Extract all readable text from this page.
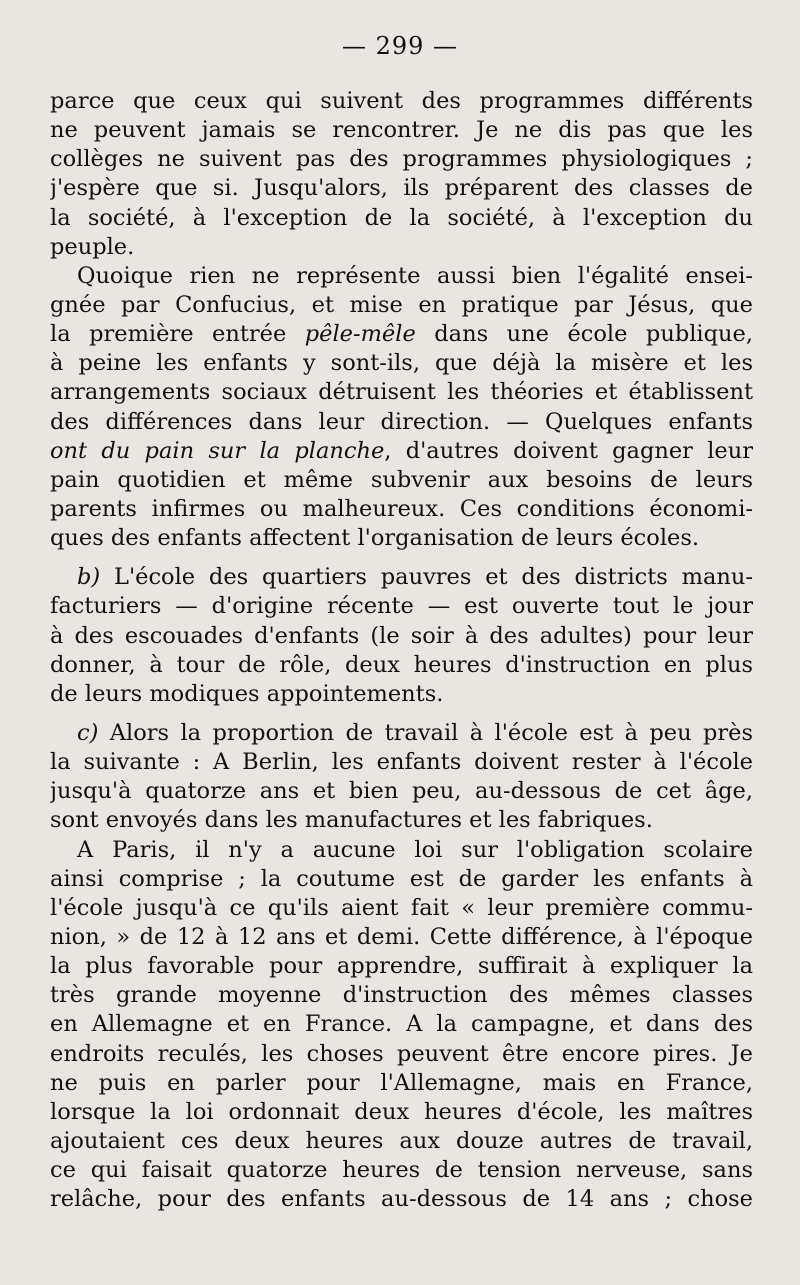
— 299 —
parce que ceux qui suivent des programmes différents
ne peuvent jamais se rencontrer. Je ne dis pas que les
collèges ne suivent pas des programmes physiologiques ;
j'espère que si. Jusqu'alors, ils préparent des classes de
la société, à l'exception de la société, à l'exception du
peuple.
Quoique rien ne représente aussi bien l'égalité ensei-
gnée par Confucius, et mise en pratique par Jésus, que
la première entrée pêle-mêle dans une école publique,
à peine les enfants y sont-ils, que déjà la misère et les
arrangements sociaux détruisent les théories et établissent
des différences dans leur direction. — Quelques enfants
ont du pain sur la planche, d'autres doivent gagner leur
pain quotidien et même subvenir aux besoins de leurs
parents infirmes ou malheureux. Ces conditions économi-
ques des enfants affectent l'organisation de leurs écoles.
b) L'école des quartiers pauvres et des districts manu-
facturiers — d'origine récente — est ouverte tout le jour
à des escouades d'enfants (le soir à des adultes) pour leur
donner, à tour de rôle, deux heures d'instruction en plus
de leurs modiques appointements.
c) Alors la proportion de travail à l'école est à peu près
la suivante : A Berlin, les enfants doivent rester à l'école
jusqu'à quatorze ans et bien peu, au-dessous de cet âge,
sont envoyés dans les manufactures et les fabriques.
A Paris, il n'y a aucune loi sur l'obligation scolaire
ainsi comprise ; la coutume est de garder les enfants à
l'école jusqu'à ce qu'ils aient fait « leur première commu-
nion, » de 12 à 12 ans et demi. Cette différence, à l'époque
la plus favorable pour apprendre, suffirait à expliquer la
très grande moyenne d'instruction des mêmes classes
en Allemagne et en France. A la campagne, et dans des
endroits reculés, les choses peuvent être encore pires. Je
ne puis en parler pour l'Allemagne, mais en France,
lorsque la loi ordonnait deux heures d'école, les maîtres
ajoutaient ces deux heures aux douze autres de travail,
ce qui faisait quatorze heures de tension nerveuse, sans
relâche, pour des enfants au-dessous de 14 ans ; chose
